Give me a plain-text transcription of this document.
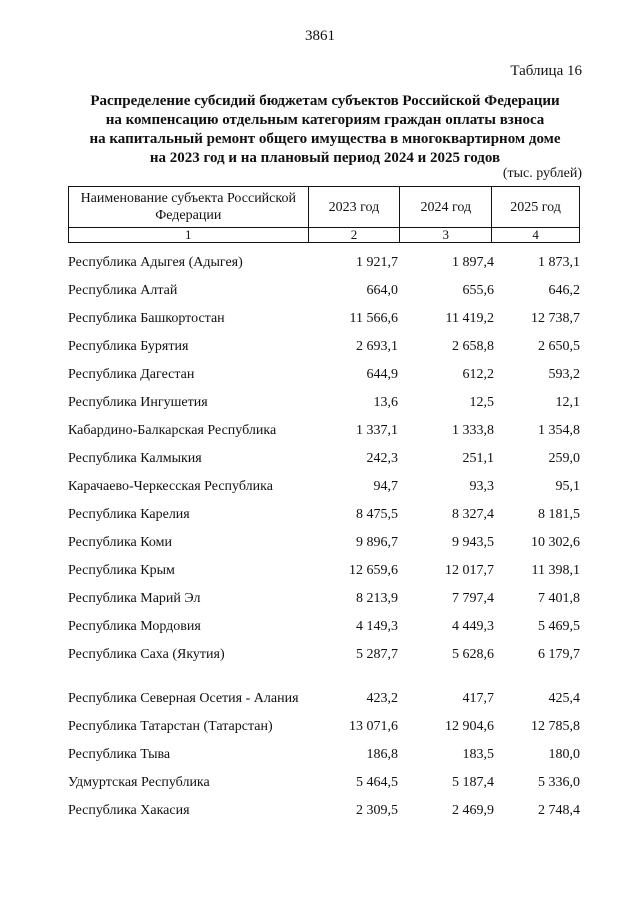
3861
Таблица 16
Распределение субсидий бюджетам субъектов Российской Федерации
на компенсацию отдельным категориям граждан оплаты взноса
на капитальный ремонт общего имущества в многоквартирном доме
на 2023 год и на плановый период 2024 и 2025 годов
(тыс. рублей)
Наименование субъекта Российской Федерации	2023 год	2024 год	2025 год
1	2	3	4
Республика Адыгея (Адыгея)	1 921,7	1 897,4	1 873,1
Республика Алтай	664,0	655,6	646,2
Республика Башкортостан	11 566,6	11 419,2	12 738,7
Республика Бурятия	2 693,1	2 658,8	2 650,5
Республика Дагестан	644,9	612,2	593,2
Республика Ингушетия	13,6	12,5	12,1
Кабардино-Балкарская Республика	1 337,1	1 333,8	1 354,8
Республика Калмыкия	242,3	251,1	259,0
Карачаево-Черкесская Республика	94,7	93,3	95,1
Республика Карелия	8 475,5	8 327,4	8 181,5
Республика Коми	9 896,7	9 943,5	10 302,6
Республика Крым	12 659,6	12 017,7	11 398,1
Республика Марий Эл	8 213,9	7 797,4	7 401,8
Республика Мордовия	4 149,3	4 449,3	5 469,5
Республика Саха (Якутия)	5 287,7	5 628,6	6 179,7
Республика Северная Осетия - Алания	423,2	417,7	425,4
Республика Татарстан (Татарстан)	13 071,6	12 904,6	12 785,8
Республика Тыва	186,8	183,5	180,0
Удмуртская Республика	5 464,5	5 187,4	5 336,0
Республика Хакасия	2 309,5	2 469,9	2 748,4
